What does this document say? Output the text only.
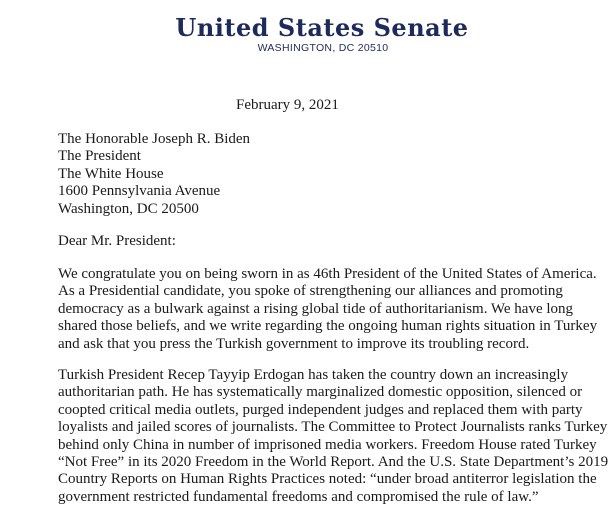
United States Senate
WASHINGTON, DC 20510
February 9, 2021
The Honorable Joseph R. Biden
The President
The White House
1600 Pennsylvania Avenue
Washington, DC 20500
Dear Mr. President:
We congratulate you on being sworn in as 46th President of the United States of America.
As a Presidential candidate, you spoke of strengthening our alliances and promoting
democracy as a bulwark against a rising global tide of authoritarianism. We have long
shared those beliefs, and we write regarding the ongoing human rights situation in Turkey
and ask that you press the Turkish government to improve its troubling record.
Turkish President Recep Tayyip Erdogan has taken the country down an increasingly
authoritarian path. He has systematically marginalized domestic opposition, silenced or
coopted critical media outlets, purged independent judges and replaced them with party
loyalists and jailed scores of journalists. The Committee to Protect Journalists ranks Turkey
behind only China in number of imprisoned media workers. Freedom House rated Turkey
“Not Free” in its 2020 Freedom in the World Report. And the U.S. State Department’s 2019
Country Reports on Human Rights Practices noted: “under broad antiterror legislation the
government restricted fundamental freedoms and compromised the rule of law.”
